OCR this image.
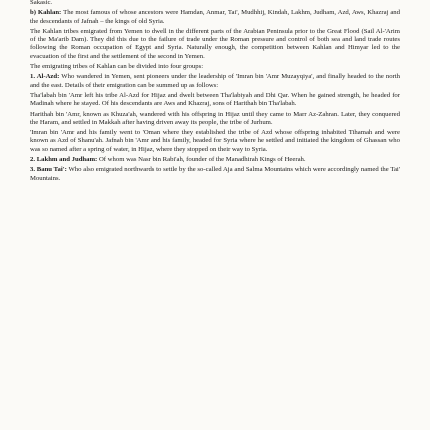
Sakasic.

b) Kahlan: The most famous of whose ancestors were Hamdan, Anmar, Tai', Mudhhij, Kindah, Lakhm, Judham, Azd, Aws, Khazraj and the descendants of Jafnah – the kings of old Syria.

The Kahlan tribes emigrated from Yemen to dwell in the different parts of the Arabian Peninsula prior to the Great Flood (Sail Al-'Arim of the Ma'arib Dam). They did this due to the failure of trade under the Roman pressure and control of both sea and land trade routes following the Roman occupation of Egypt and Syria. Naturally enough, the competition between Kahlan and Himyar led to the evacuation of the first and the settlement of the second in Yemen.

The emigrating tribes of Kahlan can be divided into four groups:

1. Al-Azd: Who wandered in Yemen, sent pioneers under the leadership of 'Imran bin 'Amr Muzayqiya', and finally headed to the north and the east. Details of their emigration can be summed up as follows:

Tha'labah bin 'Amr left his tribe Al-Azd for Hijaz and dwelt between Tha'labiyah and Dhi Qar. When he gained strength, he headed for Madinah where he stayed. Of his descendants are Aws and Khazraj, sons of Harithah bin Tha'labah.

Harithah bin 'Amr, known as Khuza'ah, wandered with his offspring in Hijaz until they came to Marr Az-Zahran. Later, they conquered the Haram, and settled in Makkah after having driven away its people, the tribe of Jurhum.

'Imran bin 'Amr and his family went to 'Oman where they established the tribe of Azd whose offspring inhabited Tihamah and were known as Azd of Shanu'ah. Jafnah bin 'Amr and his family, headed for Syria where he settled and initiated the kingdom of Ghassan who was so named after a spring of water, in Hijaz, where they stopped on their way to Syria.

2. Lakhm and Judham: Of whom was Nasr bin Rabi'ah, founder of the Manadhirah Kings of Heerah.

3. Banu Tai': Who also emigrated northwards to settle by the so-called Aja and Salma Mountains which were accordingly named the Tai' Mountains.
